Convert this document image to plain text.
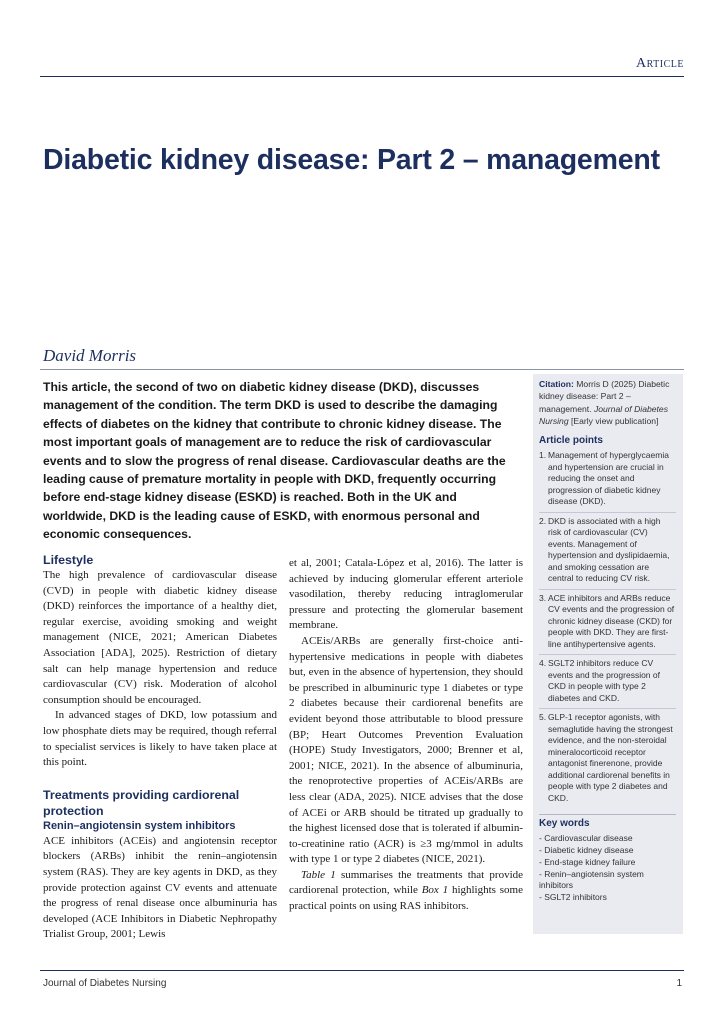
Article
Diabetic kidney disease: Part 2 – management
David Morris

This article, the second of two on diabetic kidney disease (DKD), discusses management of the condition. The term DKD is used to describe the damaging effects of diabetes on the kidney that contribute to chronic kidney disease. The most important goals of management are to reduce the risk of cardiovascular events and to slow the progress of renal disease. Cardiovascular deaths are the leading cause of premature mortality in people with DKD, frequently occurring before end-stage kidney disease (ESKD) is reached. Both in the UK and worldwide, DKD is the leading cause of ESKD, with enormous personal and economic consequences.

Citation: Morris D (2025) Diabetic kidney disease: Part 2 – management. Journal of Diabetes Nursing [Early view publication]

Article points
1. Management of hyperglycaemia and hypertension are crucial in reducing the onset and progression of diabetic kidney disease (DKD).
2. DKD is associated with a high risk of cardiovascular (CV) events. Management of hypertension and dyslipidaemia, and smoking cessation are central to reducing CV risk.
3. ACE inhibitors and ARBs reduce CV events and the progression of chronic kidney disease (CKD) for people with DKD. They are first-line antihypertensive agents.
4. SGLT2 inhibitors reduce CV events and the progression of CKD in people with type 2 diabetes and CKD.
5. GLP-1 receptor agonists, with semaglutide having the strongest evidence, and the non-steroidal mineralocorticoid receptor antagonist finerenone, provide additional cardiorenal benefits in people with type 2 diabetes and CKD.
Key words
- Cardiovascular disease
- Diabetic kidney disease
- End-stage kidney failure
- Renin–angiotensin system inhibitors
- SGLT2 inhibitors
Lifestyle

The high prevalence of cardiovascular disease (CVD) in people with diabetic kidney disease (DKD) reinforces the importance of a healthy diet, regular exercise, avoiding smoking and weight management (NICE, 2021; American Diabetes Association [ADA], 2025). Restriction of dietary salt can help manage hypertension and reduce cardiovascular (CV) risk. Moderation of alcohol consumption should be encouraged.

In advanced stages of DKD, low potassium and low phosphate diets may be required, though referral to specialist services is likely to have taken place at this point.

Treatments providing cardiorenal protection
Renin–angiotensin system inhibitors

ACE inhibitors (ACEis) and angiotensin receptor blockers (ARBs) inhibit the renin–angiotensin system (RAS). They are key agents in DKD, as they provide protection against CV events and attenuate the progress of renal disease once albuminuria has developed (ACE Inhibitors in Diabetic Nephropathy Trialist Group, 2001; Lewis

et al, 2001; Catala-López et al, 2016). The latter is achieved by inducing glomerular efferent arteriole vasodilation, thereby reducing intraglomerular pressure and protecting the glomerular basement membrane.

ACEis/ARBs are generally first-choice anti-hypertensive medications in people with diabetes but, even in the absence of hypertension, they should be prescribed in albuminuric type 1 diabetes or type 2 diabetes because their cardiorenal benefits are evident beyond those attributable to blood pressure (BP; Heart Outcomes Prevention Evaluation (HOPE) Study Investigators, 2000; Brenner et al, 2001; NICE, 2021). In the absence of albuminuria, the renoprotective properties of ACEis/ARBs are less clear (ADA, 2025). NICE advises that the dose of ACEi or ARB should be titrated up gradually to the highest licensed dose that is tolerated if albumin-to-creatinine ratio (ACR) is ≥3 mg/mmol in adults with type 1 or type 2 diabetes (NICE, 2021).

Table 1 summarises the treatments that provide cardiorenal protection, while Box 1 highlights some practical points on using RAS inhibitors.

Journal of Diabetes Nursing	1
